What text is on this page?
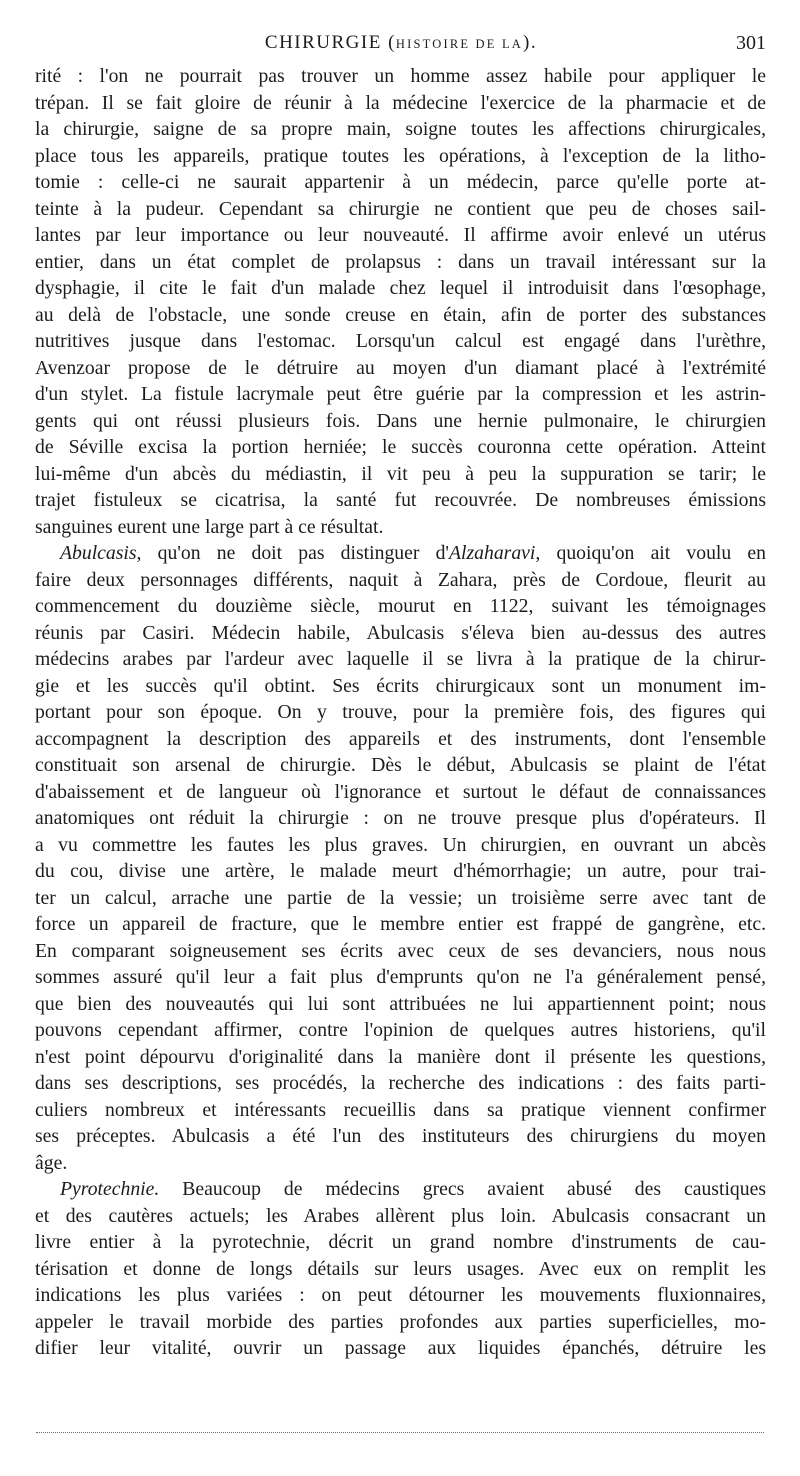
CHIRURGIE (HISTOIRE DE LA).	301
rité : l'on ne pourrait pas trouver un homme assez habile pour appliquer le
trépan. Il se fait gloire de réunir à la médecine l'exercice de la pharmacie et de
la chirurgie, saigne de sa propre main, soigne toutes les affections chirurgicales,
place tous les appareils, pratique toutes les opérations, à l'exception de la litho-
tomie : celle-ci ne saurait appartenir à un médecin, parce qu'elle porte at-
teinte à la pudeur. Cependant sa chirurgie ne contient que peu de choses sail-
lantes par leur importance ou leur nouveauté. Il affirme avoir enlevé un utérus
entier, dans un état complet de prolapsus : dans un travail intéressant sur la
dysphagie, il cite le fait d'un malade chez lequel il introduisit dans l'œsophage,
au delà de l'obstacle, une sonde creuse en étain, afin de porter des substances
nutritives jusque dans l'estomac. Lorsqu'un calcul est engagé dans l'urèthre,
Avenzoar propose de le détruire au moyen d'un diamant placé à l'extrémité
d'un stylet. La fistule lacrymale peut être guérie par la compression et les astrin-
gents qui ont réussi plusieurs fois. Dans une hernie pulmonaire, le chirurgien
de Séville excisa la portion herniée; le succès couronna cette opération. Atteint
lui-même d'un abcès du médiastin, il vit peu à peu la suppuration se tarir; le
trajet fistuleux se cicatrisa, la santé fut recouvrée. De nombreuses émissions
sanguines eurent une large part à ce résultat.
Abulcasis, qu'on ne doit pas distinguer d'Alzaharavi, quoiqu'on ait voulu en
faire deux personnages différents, naquit à Zahara, près de Cordoue, fleurit au
commencement du douzième siècle, mourut en 1122, suivant les témoignages
réunis par Casiri. Médecin habile, Abulcasis s'éleva bien au-dessus des autres
médecins arabes par l'ardeur avec laquelle il se livra à la pratique de la chirur-
gie et les succès qu'il obtint. Ses écrits chirurgicaux sont un monument im-
portant pour son époque. On y trouve, pour la première fois, des figures qui
accompagnent la description des appareils et des instruments, dont l'ensemble
constituait son arsenal de chirurgie. Dès le début, Abulcasis se plaint de l'état
d'abaissement et de langueur où l'ignorance et surtout le défaut de connaissances
anatomiques ont réduit la chirurgie : on ne trouve presque plus d'opérateurs. Il
a vu commettre les fautes les plus graves. Un chirurgien, en ouvrant un abcès
du cou, divise une artère, le malade meurt d'hémorrhagie; un autre, pour trai-
ter un calcul, arrache une partie de la vessie; un troisième serre avec tant de
force un appareil de fracture, que le membre entier est frappé de gangrène, etc.
En comparant soigneusement ses écrits avec ceux de ses devanciers, nous nous
sommes assuré qu'il leur a fait plus d'emprunts qu'on ne l'a généralement pensé,
que bien des nouveautés qui lui sont attribuées ne lui appartiennent point; nous
pouvons cependant affirmer, contre l'opinion de quelques autres historiens, qu'il
n'est point dépourvu d'originalité dans la manière dont il présente les questions,
dans ses descriptions, ses procédés, la recherche des indications : des faits parti-
culiers nombreux et intéressants recueillis dans sa pratique viennent confirmer
ses préceptes. Abulcasis a été l'un des instituteurs des chirurgiens du moyen
âge.
Pyrotechnie. Beaucoup de médecins grecs avaient abusé des caustiques
et des cautères actuels; les Arabes allèrent plus loin. Abulcasis consacrant un
livre entier à la pyrotechnie, décrit un grand nombre d'instruments de cau-
térisation et donne de longs détails sur leurs usages. Avec eux on remplit les
indications les plus variées : on peut détourner les mouvements fluxionnaires,
appeler le travail morbide des parties profondes aux parties superficielles, mo-
difier leur vitalité, ouvrir un passage aux liquides épanchés, détruire les
